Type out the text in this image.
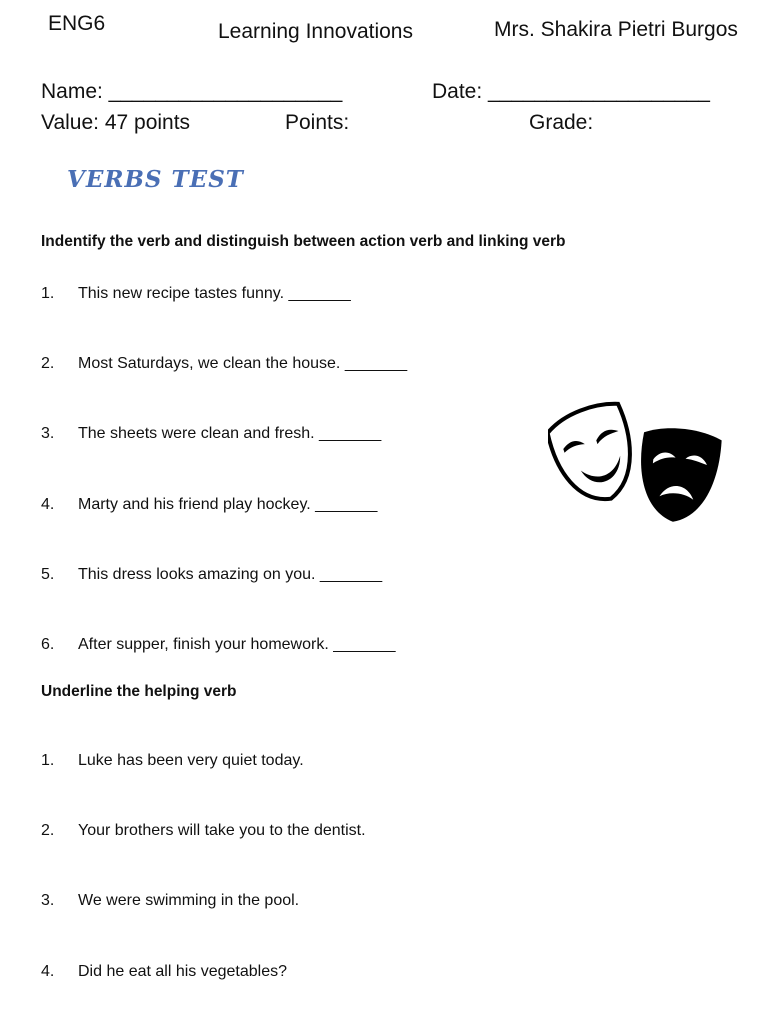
ENG6	Learning Innovations	Mrs. Shakira Pietri Burgos
Name: ____________________	Date: ___________________
Value: 47 points	Points:	Grade:
VERBS TEST
Indentify the verb and distinguish between action verb and linking verb
1. This new recipe tastes funny. _______
2. Most Saturdays, we clean the house. _______
3. The sheets were clean and fresh. _______
4. Marty and his friend play hockey. _______
5. This dress looks amazing on you. _______
6. After supper, finish your homework. _______
Underline the helping verb
1. Luke has been very quiet today.
2. Your brothers will take you to the dentist.
3. We were swimming in the pool.
4. Did he eat all his vegetables?
